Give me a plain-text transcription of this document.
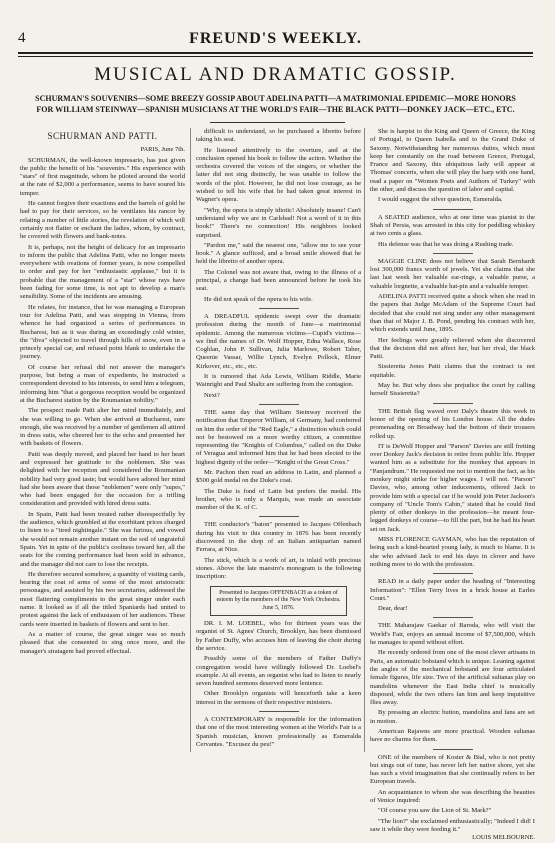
4	FREUND'S WEEKLY.
MUSICAL AND DRAMATIC GOSSIP.
SCHURMAN'S SOUVENIRS—SOME BREEZY GOSSIP ABOUT ADELINA PATTI—A MATRIMONIAL EPIDEMIC—MORE HONORS FOR WILLIAM STEINWAY—SPANISH MUSICIANS AT THE WORLD'S FAIR—THE BLACK PATTI—DONKEY JACK—ETC., ETC.
SCHURMAN AND PATTI.
PARIS, June 7th.

SCHURMAN, the well-known impresario, has just given the public the benefit of his "souvenirs." His experience with "stars" of first magnitude, whom he piloted around the world at the rate of $2,000 a performance, seems to have soured his temper.

He cannot forgive their exactions and the barrels of gold he had to pay for their services, so he ventilates his rancor by relating a number of little stories, the revelation of which will certainly not flatter or enchant the ladies, whom, by contract, he covered with flowers and bank-notes.

It is, perhaps, not the height of delicacy for an impresario to inform the public that Adelina Patti, who no longer meets everywhere with ovations of former years, is now compelled to order and pay for her "enthusiastic applause," but it is probable that the management of a "star" whose rays have been fading for some time, is not apt to develop a man's sensibility. Some of the incidents are amusing.

He relates, for instance, that he was managing a European tour for Adelina Patti, and was stopping in Vienna, from whence he had organized a series of performances in Bucharest, but as it was during an exceedingly cold winter, the "diva" objected to travel through hills of snow, even in a princely special car, and refused point blank to undertake the journey.

Of course her refusal did not answer the manager's purpose, but being a man of expedients, he instructed a correspondent devoted to his interests, to send him a telegram, informing him "that a gorgeous reception would be organized at the Bucharest station by the Roumanian nobility."

The prospect made Patti alter her mind immediately, and she was willing to go. When she arrived at Bucharest, sure enough, she was received by a number of gentlemen all attired in dress suits, who cheered her to the echo and presented her with baskets of flowers.

Patti was deeply moved, and placed her hand to her heart and expressed her gratitude to the noblemen. She was delighted with her reception and considered the Roumanian nobility had very good taste; but would have adored her mind had she been aware that those "noblemen" were only "supes," who had been engaged for the occasion for a trifling consideration and provided with hired dress suits.

In Spain, Patti had been treated rather disrespectfully by the audience, which grumbled at the exorbitant prices charged to listen to a "tired nightingale." She was furious, and vowed she would not remain another instant on the soil of ungrateful Spain. Yet in spite of the public's coolness toward her, all the seats for the coming performance had been sold in advance, and the manager did not care to lose the receipts.

He therefore secured somehow, a quantity of visiting cards, bearing the coat of arms of some of the most aristocratic personages, and assisted by his two secretaries, addressed the most flattering compliments to the great singer under each name. It looked as if all the titled Spaniards had united to protest against the lack of enthusiasm of her audiences. These cards were inserted in baskets of flowers and sent to her.

As a matter of course, the great singer was so much pleased that she consented to sing once more, and the manager's stratagem had proved effectual.

difficult to understand, so he purchased a libretto before taking his seat.

He listened attentively to the overture, and at the conclusion opened his book to follow the action. Whether the orchestra covered the voices of the singers, or whether the latter did not sing distinctly, he was unable to follow the words of the plot. However, he did not lose courage, as he wished to tell his wife that he had taken great interest in Wagner's opera.

"Why, the opera is simply idiotic! Absolutely insane! Can't understand why we are in Carlsbad! Not a word of it in this book!" There's no connection! His neighbors looked surprised.

"Pardon me," said the nearest one, "allow me to see your book." A glance sufficed, and a broad smile showed that he held the libretto of another opera.

The Colonel was not aware that, owing to the illness of a principal, a change had been announced before he took his seat.

He did not speak of the opera to his wife.

A DREADFUL epidemic swept over the dramatic profession during the month of June—a matrimonial epidemic. Among the numerous victims—Cupid's victims—we find the names of Dr. Wolf Hopper, Edna Wallace, Rose Coghlan, John P. Sullivan, Julia Marlowe, Robert Taber, Queenie Vassar, Willie Lynch, Evelyn Pollock, Elmer Kirkover, etc., etc., etc.

It is rumored that Ada Lewis, William Riddle, Marie Wainright and Paul Shaltz are suffering from the contagion.

Next?

THE same day that William Steinway received the notification that Emperor William, of Germany, had conferred on him the order of the "Red Eagle," a distinction which could not be bestowed on a more worthy citizen, a committee representing the "Knights of Columbus," called on the Duke of Veragua and informed him that he had been elected to the highest dignity of the order—"Knight of the Great Cross."

Mr. Pachon then read an address in Latin, and planned a $500 gold medal on the Duke's coat.

The Duke is fond of Latin but prefers the medal. His brother, who is only a Marquis, was made an associate member of the K. of C.

THE conductor's "baton" presented to Jacques Offenbach during his visit to this country in 1876 has been recently discovered in the shop of an Italian antiquarian named Ferrara, at Nice.

The stick, which is a work of art, is inlaid with precious stones. Above the late maestro's monogram is the following inscription:

Presented to Jacques OFFENBACH as a token of esteem by the members of the New York Orchestra. June 5, 1876.

DR. I. M. LOEBEL, who for thirteen years was the organist of St. Agnes' Church, Brooklyn, has been dismissed by Father Duffy, who accuses him of leaving the choir during the service.

Possibly some of the members of Father Duffy's congregation would have willingly followed Dr. Loebel's example. At all events, an organist who had to listen to nearly seven hundred sermons deserved more lenience.

Other Brooklyn organists will henceforth take a keen interest in the sermons of their respective ministers.

A CONTEMPORARY is responsible for the information that one of the most interesting women at the World's Fair is a Spanish musician, known professionally as Esmeralda Cervantes. "Excusez du peu!"

She is harpist to the King and Queen of Greece, the King of Portugal, to Queen Isabella and to the Grand Duke of Saxony. Notwithstanding her numerous duties, which must keep her constantly on the road between Greece, Portugal, France and Saxony, this ubiquitous lady will appear at Thomas' concerts, when she will play the harp with one hand, read a paper on "Women Poets and Authors of Turkey" with the other, and discuss the question of labor and capital.

I would suggest the silver question, Esmeralda.

A SEATED audience, who at one time was pianist to the Shah of Persia, was arrested in this city for peddling whiskey at two cents a glass.

His defense was that he was doing a Rushing trade.

MAGGIE CLINE does not believe that Sarah Bernhardt lost 300,000 francs worth of jewels. Yet she claims that she last last week her valuable ear-rings, a valuable purse, a valuable lorgnette, a valuable hat-pin and a valuable temper.

ADELINA PATTI received quite a shock when she read in the papers that Judge McAdam of the Supreme Court had decided that she could not sing under any other management than that of Major J. B. Pond, pending his contract with her, which extends until June, 1895.

Her feelings were greatly relieved when she discovered that the decision did not affect her, but her rival, the black Patti.

Sissieretta Jones Patti claims that the contract is not equitable.

May be. But why does she prejudice the court by calling herself Sissieretta?

THE British flag waved over Daly's theatre this week in honor of the opening of his London house. All the dudes promenading on Broadway had the bottom of their trousers rolled up.

IT is DeWolf Hopper and "Parson" Davies are still fretting over Donkey Jack's decision to retire from public life. Hopper wanted him as a substitute for the monkey that appears in "Panjandrum." He requested me not to mention the fact, as his monkey might strike for higher wages. I will not. "Parson" Davies, who, among other inducements, offered Jack to provide him with a special car if he would join Peter Jackson's company of "Uncle Tom's Cabin," stated that he could find plenty of other donkeys in the profession—he meant four-legged donkeys of course—to fill the part, but he had his heart set on Jack.

MISS FLORENCE GAYMAN, who has the reputation of being such a kind-hearted young lady, is much to blame. It is she who advised Jack to end his days in clover and have nothing more to do with the profession.

READ in a daily paper under the heading of "Interesting Information": "Ellen Terry lives in a brick house at Earles Court."

Dear, dear!

THE Maharajaw Gaekar of Baroda, who will visit the World's Fair, enjoys an annual income of $7,500,000, which he manages to spend without effort.

He recently ordered from one of the most clever artisans in Paris, an automatic bobstand which is unique. Leaning against the angles of the mechanical bobstand are four articulated female figures, life size. Two of the artificial sultanas play on mandolins whenever the East India chief is musically disposed, while the two others fan him and keep inquisitive flies away.

By pressing an electric button, mandolins and fans are set in motion.

American Rajawns are more practical. Wooden sultanas have no charms for them.

ONE of the members of Koster & Bial, who is not pretty but sings out of tune, has never left her native shore, yet she has such a vivid imagination that she continually refers to her European travels.

An acquaintance to whom she was describing the beauties of Venice inquired:

"Of course you saw the Lion of St. Mark?"

"The lion?" she exclaimed enthusiastically; "Indeed I did! I saw it while they were feeding it."

LOUIS MELBOURNE.
